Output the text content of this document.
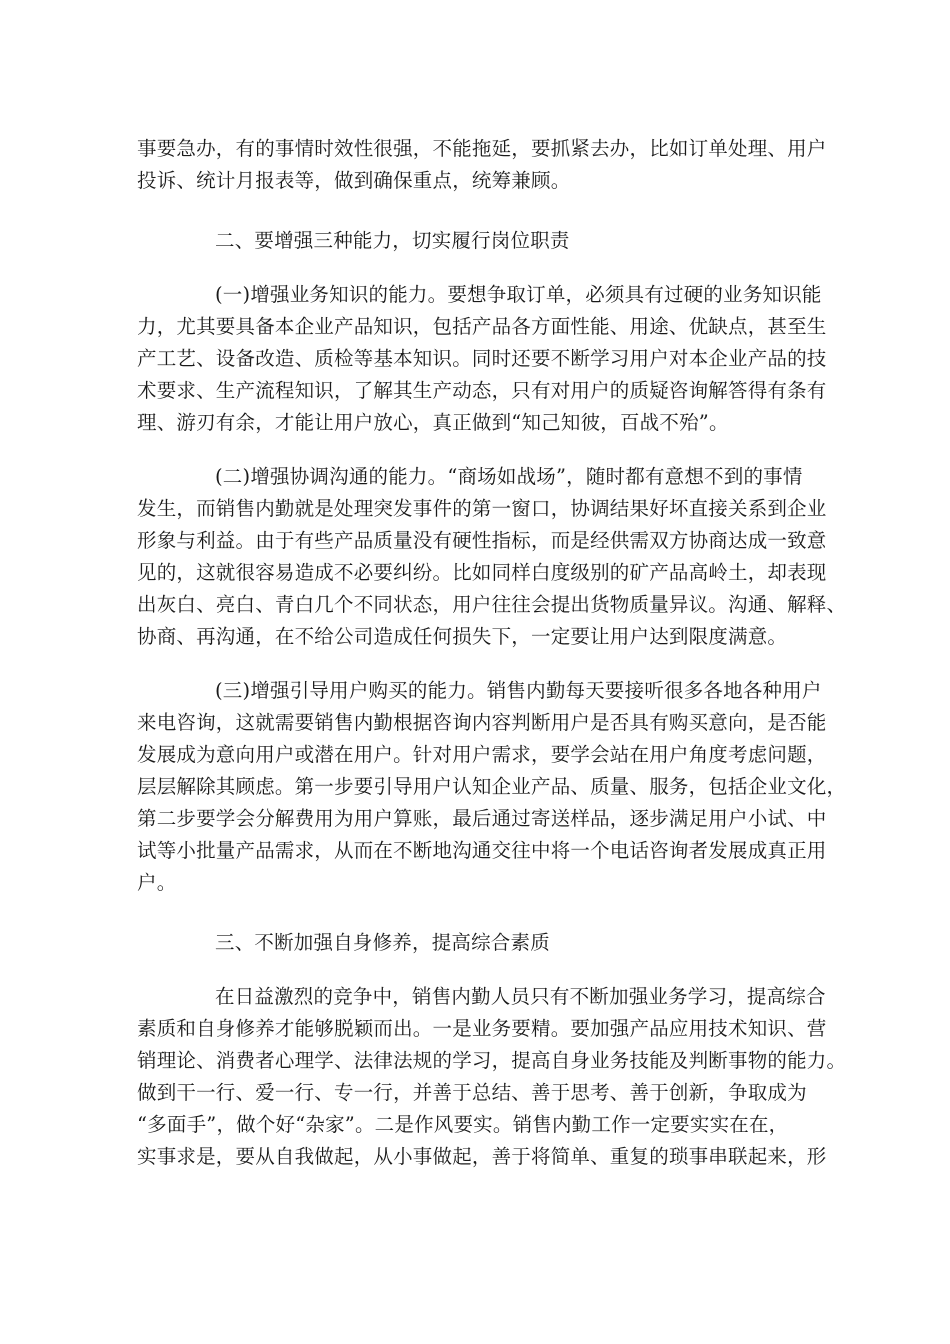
事要急办，有的事情时效性很强，不能拖延，要抓紧去办，比如订单处理、用户

投诉、统计月报表等，做到确保重点，统筹兼顾。

二、要增强三种能力，切实履行岗位职责

(一)增强业务知识的能力。要想争取订单，必须具有过硬的业务知识能

力，尤其要具备本企业产品知识，包括产品各方面性能、用途、优缺点，甚至生

产工艺、设备改造、质检等基本知识。同时还要不断学习用户对本企业产品的技

术要求、生产流程知识，了解其生产动态，只有对用户的质疑咨询解答得有条有

理、游刃有余，才能让用户放心，真正做到“知己知彼，百战不殆”。

(二)增强协调沟通的能力。“商场如战场”，随时都有意想不到的事情

发生，而销售内勤就是处理突发事件的第一窗口，协调结果好坏直接关系到企业

形象与利益。由于有些产品质量没有硬性指标，而是经供需双方协商达成一致意

见的，这就很容易造成不必要纠纷。比如同样白度级别的矿产品高岭土，却表现

出灰白、亮白、青白几个不同状态，用户往往会提出货物质量异议。沟通、解释、

协商、再沟通，在不给公司造成任何损失下，一定要让用户达到限度满意。

(三)增强引导用户购买的能力。销售内勤每天要接听很多各地各种用户

来电咨询，这就需要销售内勤根据咨询内容判断用户是否具有购买意向，是否能

发展成为意向用户或潜在用户。针对用户需求，要学会站在用户角度考虑问题，

层层解除其顾虑。第一步要引导用户认知企业产品、质量、服务，包括企业文化，

第二步要学会分解费用为用户算账，最后通过寄送样品，逐步满足用户小试、中

试等小批量产品需求，从而在不断地沟通交往中将一个电话咨询者发展成真正用

户。

三、不断加强自身修养，提高综合素质

在日益激烈的竞争中，销售内勤人员只有不断加强业务学习，提高综合

素质和自身修养才能够脱颖而出。一是业务要精。要加强产品应用技术知识、营

销理论、消费者心理学、法律法规的学习，提高自身业务技能及判断事物的能力。

做到干一行、爱一行、专一行，并善于总结、善于思考、善于创新，争取成为

“多面手”，做个好“杂家”。二是作风要实。销售内勤工作一定要实实在在，

实事求是，要从自我做起，从小事做起，善于将简单、重复的琐事串联起来，形
